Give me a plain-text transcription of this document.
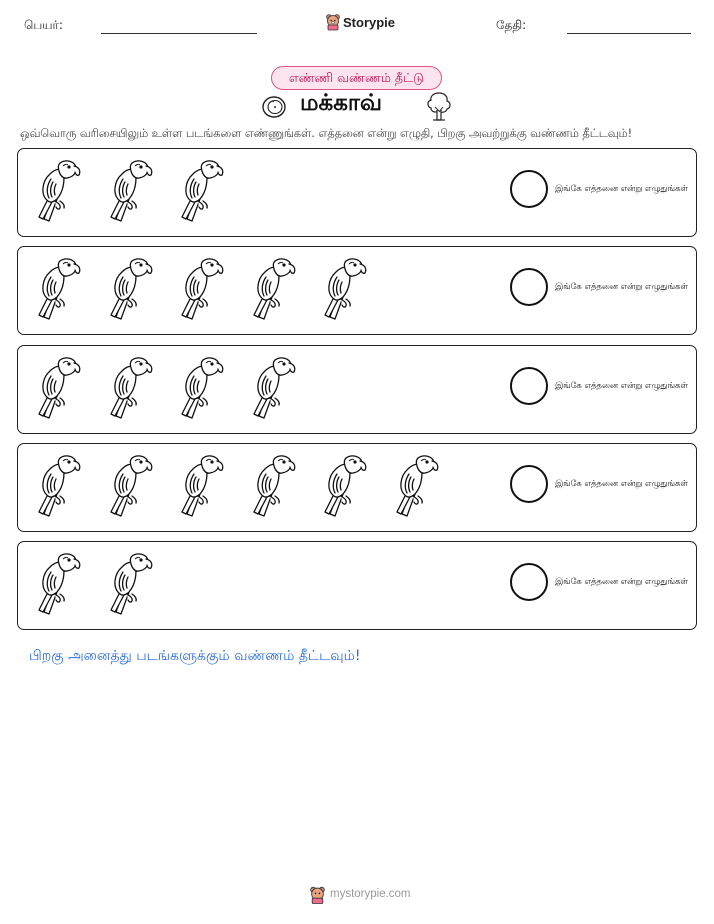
பெயர்:	Storypie	தேதி:
எண்ணி வண்ணம் தீட்டு
மக்காவ்
ஒவ்வொரு வரிசையிலும் உள்ள படங்களை எண்ணுங்கள். எத்தனை என்று எழுதி, பிறகு அவற்றுக்கு வண்ணம் தீட்டவும்!
இங்கே எத்தனை என்று எழுதுங்கள்
இங்கே எத்தனை என்று எழுதுங்கள்
இங்கே எத்தனை என்று எழுதுங்கள்
இங்கே எத்தனை என்று எழுதுங்கள்
இங்கே எத்தனை என்று எழுதுங்கள்
பிறகு அனைத்து படங்களுக்கும் வண்ணம் தீட்டவும்!
mystorypie.com
